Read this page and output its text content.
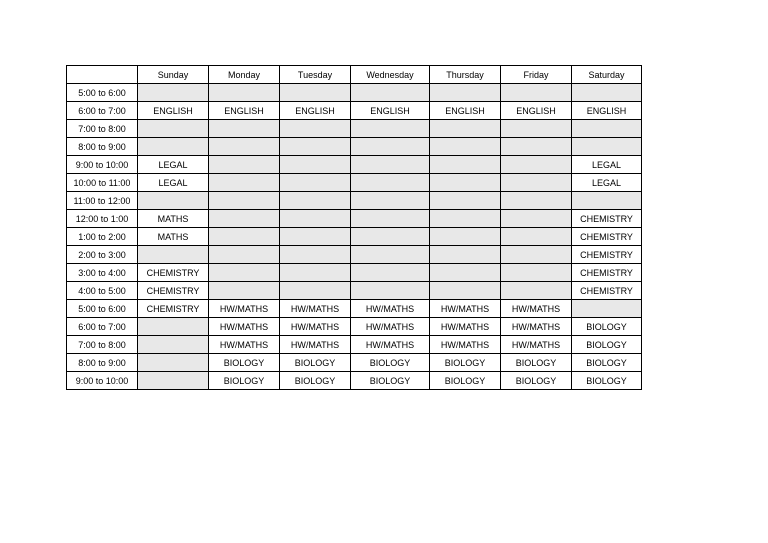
	Sunday	Monday	Tuesday	Wednesday	Thursday	Friday	Saturday
5:00 to 6:00							
6:00 to 7:00	ENGLISH	ENGLISH	ENGLISH	ENGLISH	ENGLISH	ENGLISH	ENGLISH
7:00 to 8:00							
8:00 to 9:00							
9:00 to 10:00	LEGAL						LEGAL
10:00 to 11:00	LEGAL						LEGAL
11:00 to 12:00							
12:00 to 1:00	MATHS						CHEMISTRY
1:00 to 2:00	MATHS						CHEMISTRY
2:00 to 3:00							CHEMISTRY
3:00 to 4:00	CHEMISTRY						CHEMISTRY
4:00 to 5:00	CHEMISTRY						CHEMISTRY
5:00 to 6:00	CHEMISTRY	HW/MATHS	HW/MATHS	HW/MATHS	HW/MATHS	HW/MATHS	
6:00 to 7:00		HW/MATHS	HW/MATHS	HW/MATHS	HW/MATHS	HW/MATHS	BIOLOGY
7:00 to 8:00		HW/MATHS	HW/MATHS	HW/MATHS	HW/MATHS	HW/MATHS	BIOLOGY
8:00 to 9:00		BIOLOGY	BIOLOGY	BIOLOGY	BIOLOGY	BIOLOGY	BIOLOGY
9:00 to 10:00		BIOLOGY	BIOLOGY	BIOLOGY	BIOLOGY	BIOLOGY	BIOLOGY
